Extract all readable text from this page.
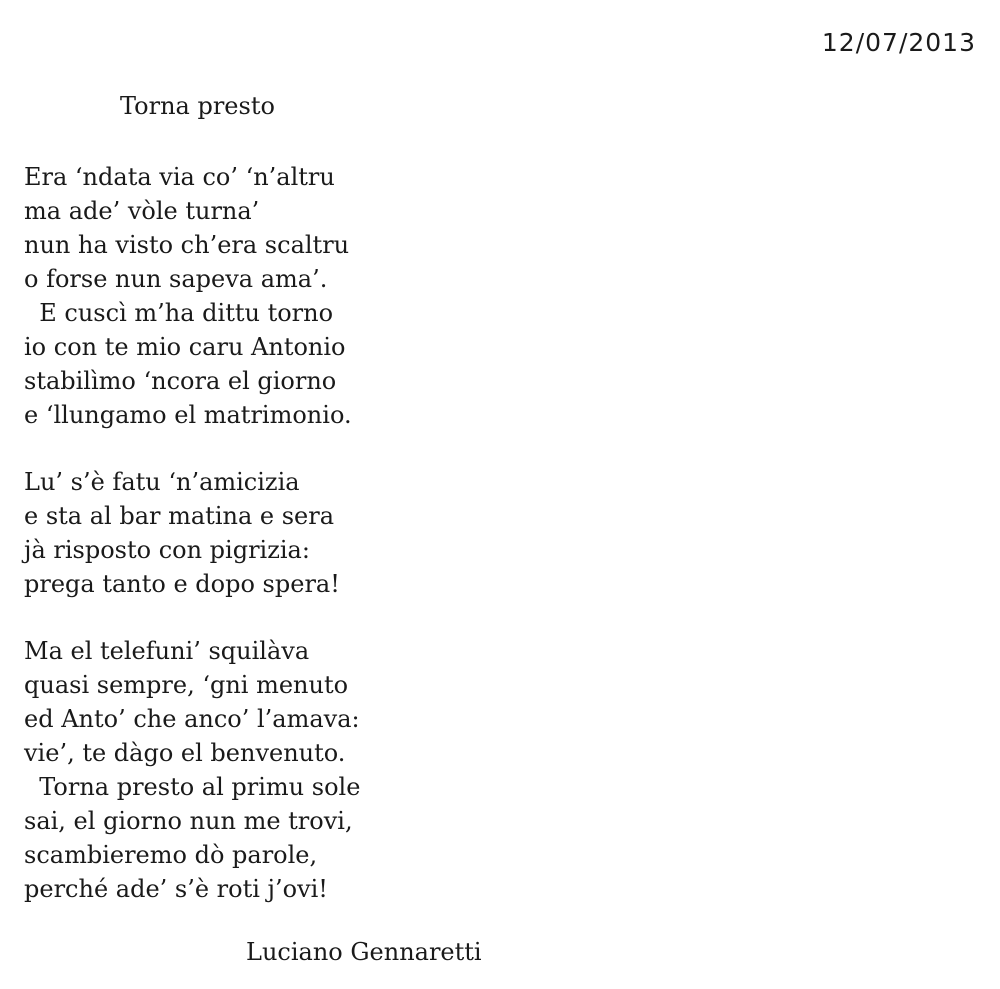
12/07/2013
Torna presto
Era ‘ndata via co’ ‘n’altru
ma ade’ vòle turna’
nun ha visto ch’era scaltru
o forse nun sapeva ama’.
E cuscì m’ha dittu torno
io con te mio caru Antonio
stabilìmo ‘ncora el giorno
e ‘llungamo el matrimonio.
Lu’ s’è fatu ‘n’amicizia
e sta al bar matina e sera
jà risposto con pigrizia:
prega tanto e dopo spera!
Ma el telefuni’ squilàva
quasi sempre, ‘gni menuto
ed Anto’ che anco’ l’amava:
vie’, te dàgo el benvenuto.
Torna presto al primu sole
sai, el giorno nun me trovi,
scambieremo dò parole,
perché ade’ s’è roti j’ovi!
Luciano Gennaretti
